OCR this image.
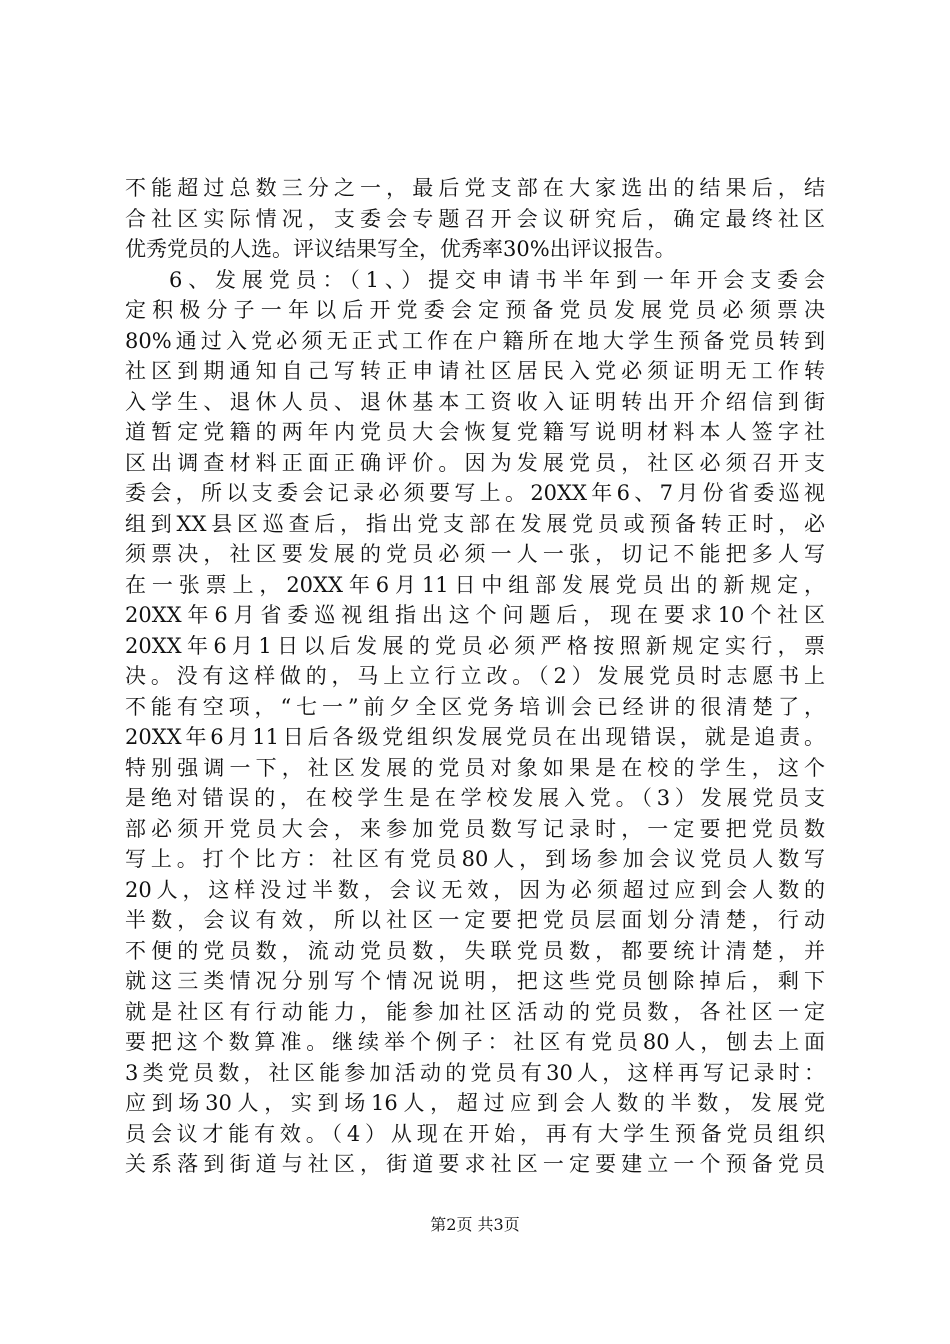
不能超过总数三分之一，最后党支部在大家选出的结果后，结
合社区实际情况，支委会专题召开会议研究后，确定最终社区
优秀党员的人选。评议结果写全，优秀率30%出评议报告。
6、发展党员：（1、）提交申请书半年到一年开会支委会
定积极分子一年以后开党委会定预备党员发展党员必须票决
80%通过入党必须无正式工作在户籍所在地大学生预备党员转到
社区到期通知自己写转正申请社区居民入党必须证明无工作转
入学生、退休人员、退休基本工资收入证明转出开介绍信到街
道暂定党籍的两年内党员大会恢复党籍写说明材料本人签字社
区出调查材料正面正确评价。因为发展党员，社区必须召开支
委会，所以支委会记录必须要写上。20XX年6、7月份省委巡视
组到XX县区巡查后，指出党支部在发展党员或预备转正时，必
须票决，社区要发展的党员必须一人一张，切记不能把多人写
在一张票上，20XX年6月11日中组部发展党员出的新规定，
20XX年6月省委巡视组指出这个问题后，现在要求10个社区
20XX年6月1日以后发展的党员必须严格按照新规定实行，票
决。没有这样做的，马上立行立改。（2）发展党员时志愿书上
不能有空项，“七一”前夕全区党务培训会已经讲的很清楚了，
20XX年6月11日后各级党组织发展党员在出现错误，就是追责。
特别强调一下，社区发展的党员对象如果是在校的学生，这个
是绝对错误的，在校学生是在学校发展入党。（3）发展党员支
部必须开党员大会，来参加党员数写记录时，一定要把党员数
写上。打个比方：社区有党员80人，到场参加会议党员人数写
20人，这样没过半数，会议无效，因为必须超过应到会人数的
半数，会议有效，所以社区一定要把党员层面划分清楚，行动
不便的党员数，流动党员数，失联党员数，都要统计清楚，并
就这三类情况分别写个情况说明，把这些党员刨除掉后，剩下
就是社区有行动能力，能参加社区活动的党员数，各社区一定
要把这个数算准。继续举个例子：社区有党员80人，刨去上面
3类党员数，社区能参加活动的党员有30人，这样再写记录时：
应到场30人，实到场16人，超过应到会人数的半数，发展党
员会议才能有效。（4）从现在开始，再有大学生预备党员组织
关系落到街道与社区，街道要求社区一定要建立一个预备党员
第2页 共3页
